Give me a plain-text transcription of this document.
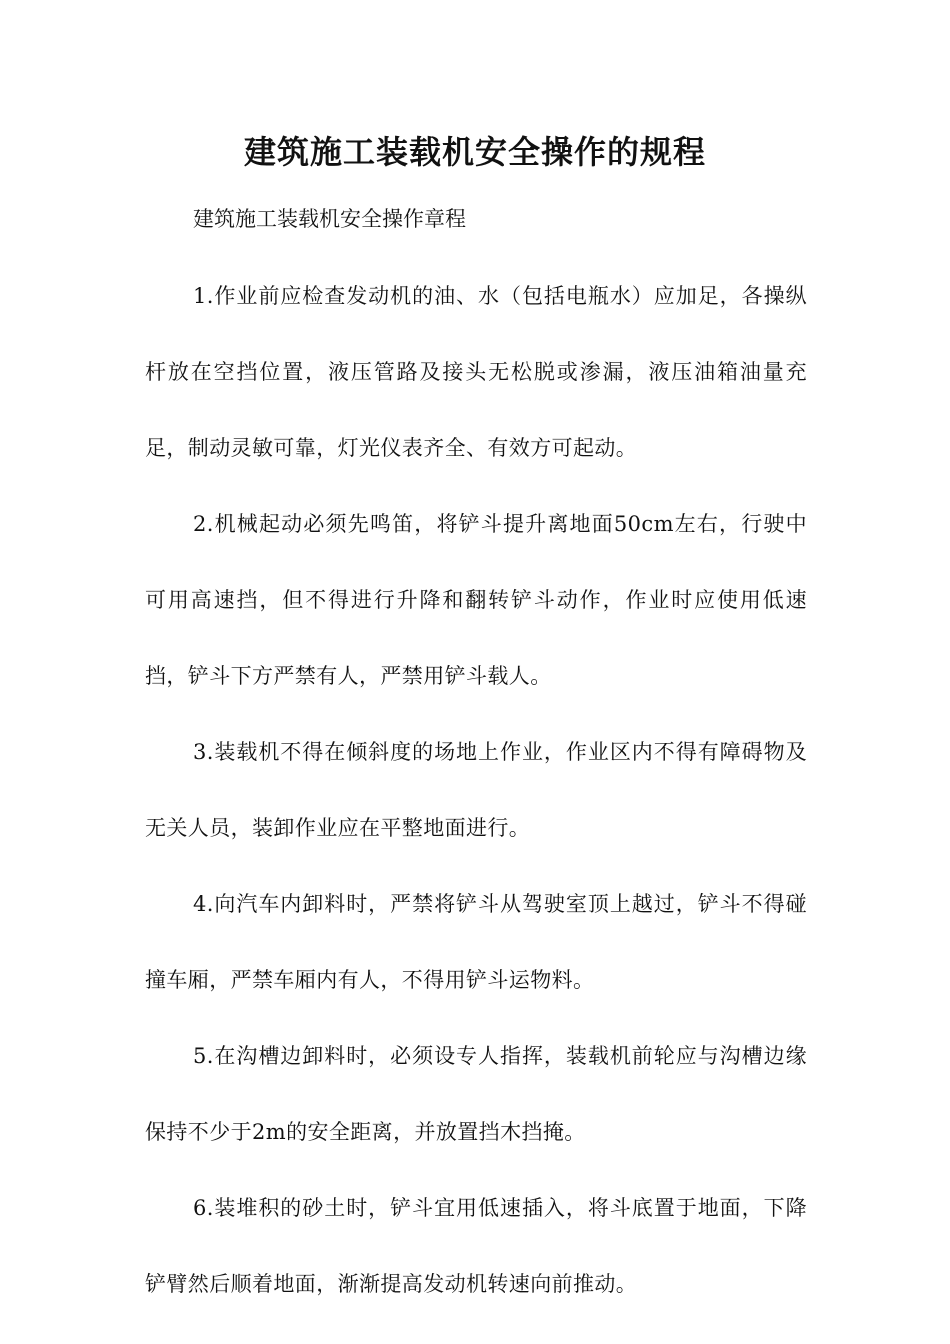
建筑施工装载机安全操作的规程

建筑施工装载机安全操作章程

1.作业前应检查发动机的油、水（包括电瓶水）应加足，各操纵杆放在空挡位置，液压管路及接头无松脱或渗漏，液压油箱油量充足，制动灵敏可靠，灯光仪表齐全、有效方可起动。

2.机械起动必须先鸣笛，将铲斗提升离地面50cm左右，行驶中可用高速挡，但不得进行升降和翻转铲斗动作，作业时应使用低速挡，铲斗下方严禁有人，严禁用铲斗载人。

3.装载机不得在倾斜度的场地上作业，作业区内不得有障碍物及无关人员，装卸作业应在平整地面进行。

4.向汽车内卸料时，严禁将铲斗从驾驶室顶上越过，铲斗不得碰撞车厢，严禁车厢内有人，不得用铲斗运物料。

5.在沟槽边卸料时，必须设专人指挥，装载机前轮应与沟槽边缘保持不少于2m的安全距离，并放置挡木挡掩。

6.装堆积的砂土时，铲斗宜用低速插入，将斗底置于地面，下降铲臂然后顺着地面，渐渐提高发动机转速向前推动。
